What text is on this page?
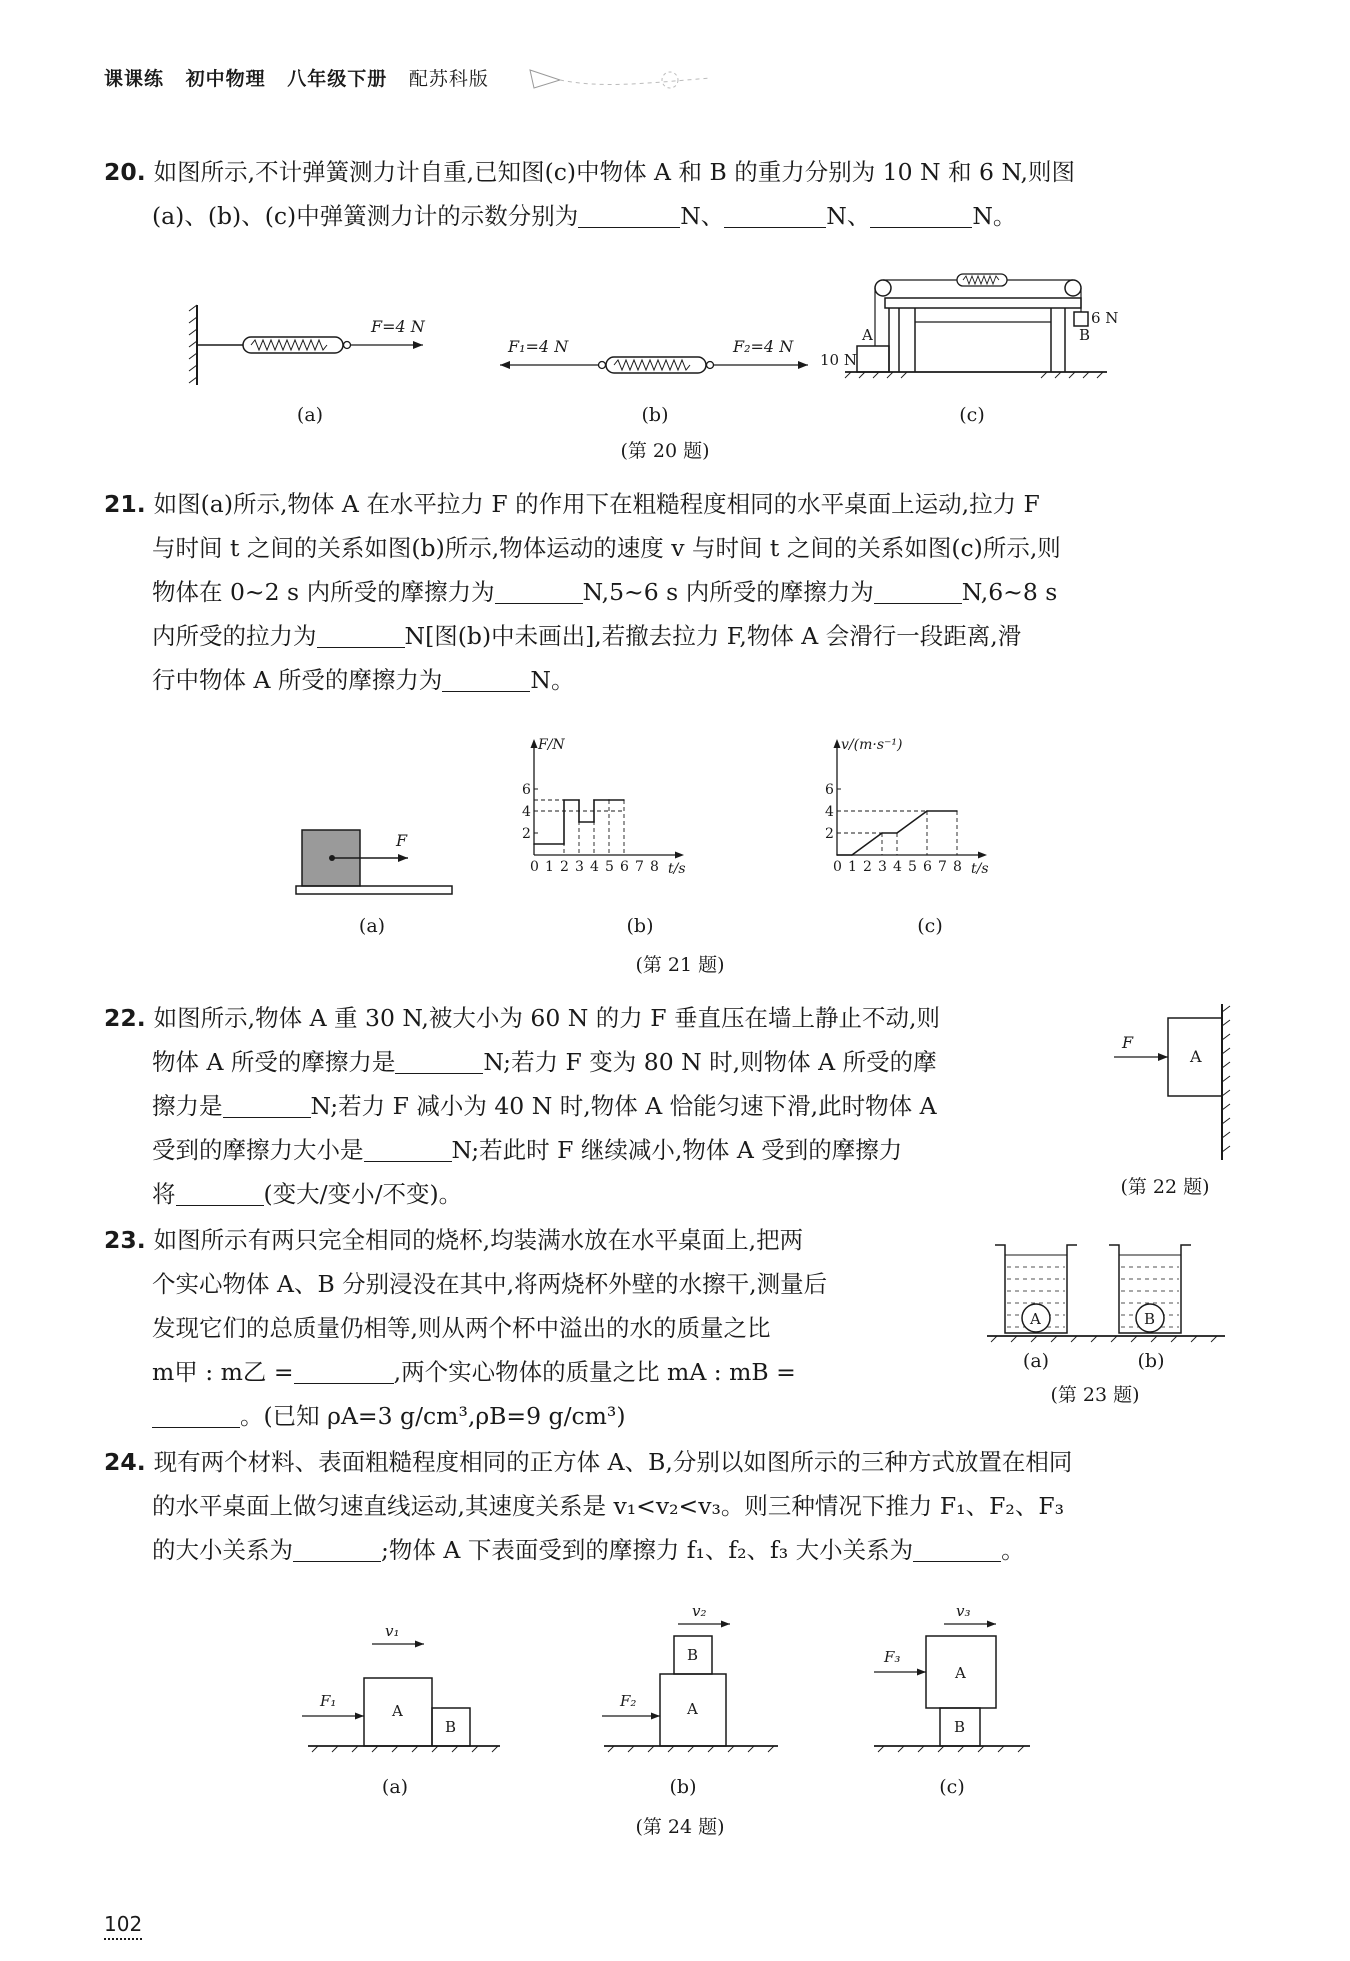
课课练 初中物理 八年级下册 配苏科版
20. 如图所示,不计弹簧测力计自重,已知图(c)中物体 A 和 B 的重力分别为 10 N 和 6 N,则图
(a)、(b)、(c)中弹簧测力计的示数分别为	N、	N、	N。
F=4 N
(a)
F₁=4 N	F₂=4 N
(b)
A
10 N
B
6 N
(c)
(第 20 题)
21. 如图(a)所示,物体 A 在水平拉力 F 的作用下在粗糙程度相同的水平桌面上运动,拉力 F
与时间 t 之间的关系如图(b)所示,物体运动的速度 v 与时间 t 之间的关系如图(c)所示,则
物体在 0~2 s 内所受的摩擦力为	N,5~6 s 内所受的摩擦力为	N,6~8 s
内所受的拉力为	N[图(b)中未画出],若撤去拉力 F,物体 A 会滑行一段距离,滑
行中物体 A 所受的摩擦力为	N。
F
(a)
2
4
6
0 1 2 3 4 5 6 7 8
F/N
t/s
(b)
2
4
6
0 1 2 3 4 5 6 7 8
v/(m·s⁻¹)
t/s
(c)
(第 21 题)
22. 如图所示,物体 A 重 30 N,被大小为 60 N 的力 F 垂直压在墙上静止不动,则
物体 A 所受的摩擦力是	N;若力 F 变为 80 N 时,则物体 A 所受的摩
擦力是	N;若力 F 减小为 40 N 时,物体 A 恰能匀速下滑,此时物体 A
受到的摩擦力大小是	N;若此时 F 继续减小,物体 A 受到的摩擦力
将	(变大/变小/不变)。
F
A
(第 22 题)
23. 如图所示有两只完全相同的烧杯,均装满水放在水平桌面上,把两
个实心物体 A、B 分别浸没在其中,将两烧杯外壁的水擦干,测量后
发现它们的总质量仍相等,则从两个杯中溢出的水的质量之比
m甲 : m乙 =	,两个实心物体的质量之比 mA : mB =
。(已知 ρA=3 g/cm³,ρB=9 g/cm³)
A	B
(a)	(b)
(第 23 题)
24. 现有两个材料、表面粗糙程度相同的正方体 A、B,分别以如图所示的三种方式放置在相同
的水平桌面上做匀速直线运动,其速度关系是 v₁<v₂<v₃。则三种情况下推力 F₁、F₂、F₃
的大小关系为	;物体 A 下表面受到的摩擦力 f₁、f₂、f₃ 大小关系为	。
v₁
A
B
F₁
(a)
v₂
B
A
F₂
(b)
v₃
A
B
F₃
(c)
(第 24 题)
102
